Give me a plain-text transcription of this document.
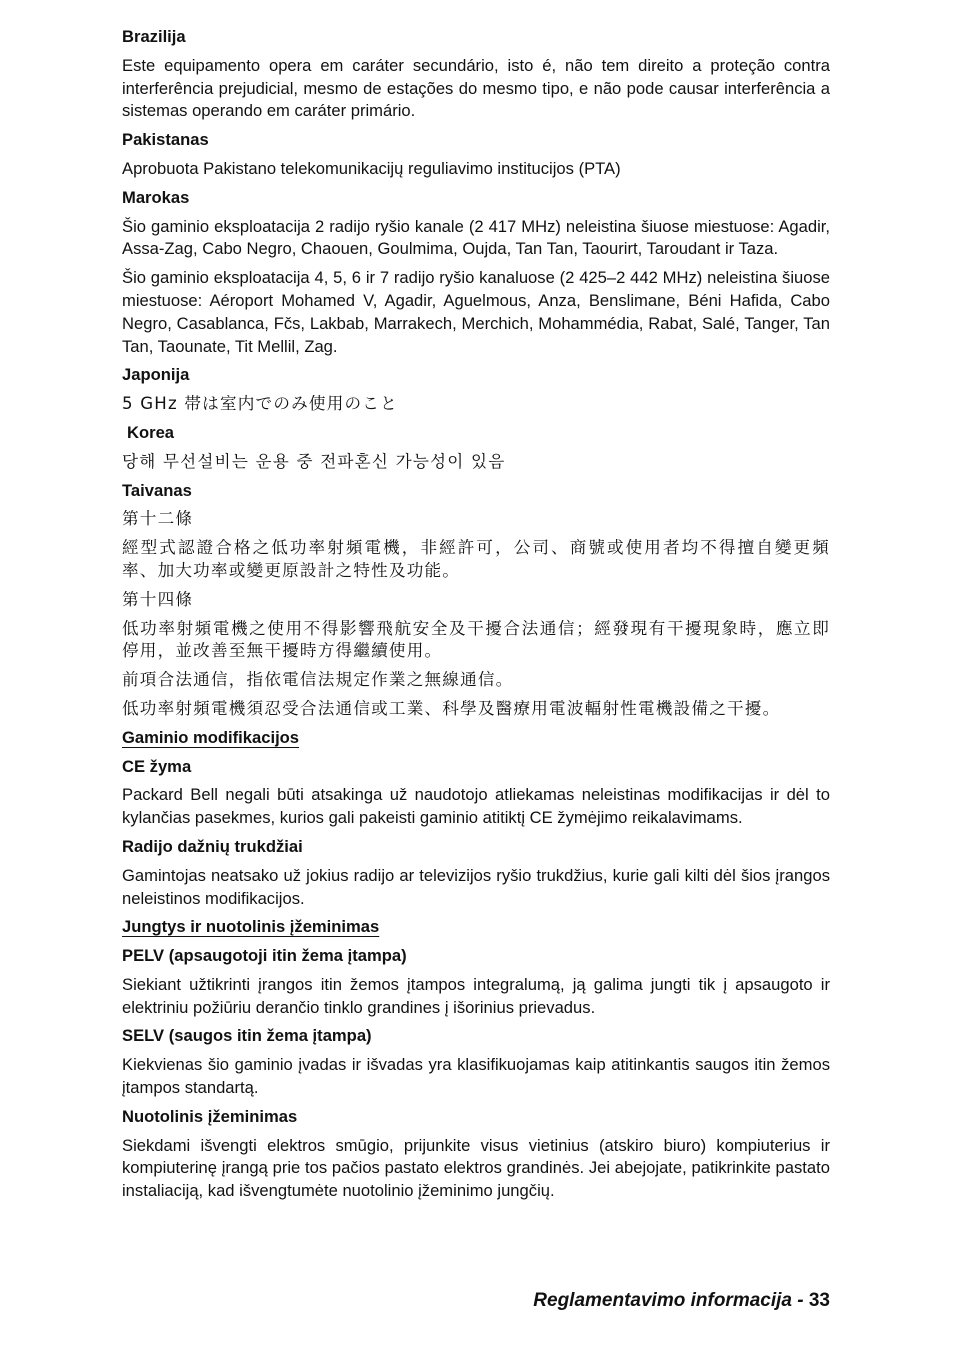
Brazilija
Este equipamento opera em caráter secundário, isto é, não tem direito a proteção contra interferência prejudicial, mesmo de estações do mesmo tipo, e não pode causar interferência a sistemas operando em caráter primário.
Pakistanas
Aprobuota Pakistano telekomunikacijų reguliavimo institucijos (PTA)
Marokas
Šio gaminio eksploatacija 2 radijo ryšio kanale (2 417 MHz) neleistina šiuose miestuose: Agadir, Assa-Zag, Cabo Negro, Chaouen, Goulmima, Oujda, Tan Tan, Taourirt, Taroudant ir Taza.
Šio gaminio eksploatacija 4, 5, 6 ir 7 radijo ryšio kanaluose (2 425–2 442 MHz) neleistina šiuose miestuose: Aéroport Mohamed V, Agadir, Aguelmous, Anza, Benslimane, Béni Hafida, Cabo Negro, Casablanca, Fčs, Lakbab, Marrakech, Merchich, Mohammédia, Rabat, Salé, Tanger, Tan Tan, Taounate, Tit Mellil, Zag.
Japonija
5 GHz 帯は室内でのみ使用のこと
Korea
당해 무선설비는 운용 중 전파혼신 가능성이 있음
Taivanas
第十二條
經型式認證合格之低功率射頻電機，非經許可，公司、商號或使用者均不得擅自變更頻率、加大功率或變更原設計之特性及功能。
第十四條
低功率射頻電機之使用不得影響飛航安全及干擾合法通信；經發現有干擾現象時，應立即停用，並改善至無干擾時方得繼續使用。
前項合法通信，指依電信法規定作業之無線通信。
低功率射頻電機須忍受合法通信或工業、科學及醫療用電波輻射性電機設備之干擾。
Gaminio modifikacijos
CE žyma
Packard Bell negali būti atsakinga už naudotojo atliekamas neleistinas modifikacijas ir dėl to kylančias pasekmes, kurios gali pakeisti gaminio atitiktį CE žymėjimo reikalavimams.
Radijo dažnių trukdžiai
Gamintojas neatsako už jokius radijo ar televizijos ryšio trukdžius, kurie gali kilti dėl šios įrangos neleistinos modifikacijos.
Jungtys ir nuotolinis įžeminimas
PELV (apsaugotoji itin žema įtampa)
Siekiant užtikrinti įrangos itin žemos įtampos integralumą, ją galima jungti tik į apsaugoto ir elektriniu požiūriu derančio tinklo grandines į išorinius prievadus.
SELV (saugos itin žema įtampa)
Kiekvienas šio gaminio įvadas ir išvadas yra klasifikuojamas kaip atitinkantis saugos itin žemos įtampos standartą.
Nuotolinis įžeminimas
Siekdami išvengti elektros smūgio, prijunkite visus vietinius (atskiro biuro) kompiuterius ir kompiuterinę įrangą prie tos pačios pastato elektros grandinės. Jei abejojate, patikrinkite pastato instaliaciją, kad išvengtumėte nuotolinio įžeminimo jungčių.
Reglamentavimo informacija - 33
